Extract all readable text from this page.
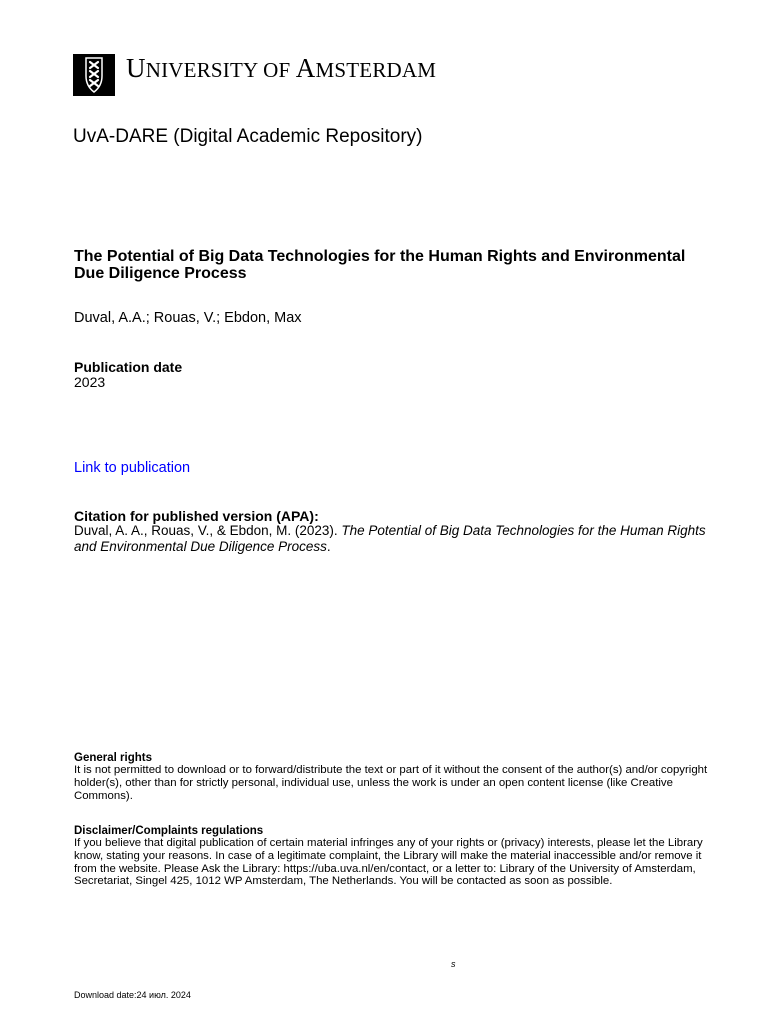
UNIVERSITY OF AMSTERDAM
UvA-DARE (Digital Academic Repository)
The Potential of Big Data Technologies for the Human Rights and Environmental Due Diligence Process
Duval, A.A.; Rouas, V.; Ebdon, Max
Publication date
2023
Link to publication
Citation for published version (APA):
Duval, A. A., Rouas, V., & Ebdon, M. (2023). The Potential of Big Data Technologies for the Human Rights and Environmental Due Diligence Process.
General rights
It is not permitted to download or to forward/distribute the text or part of it without the consent of the author(s) and/or copyright holder(s), other than for strictly personal, individual use, unless the work is under an open content license (like Creative Commons).
Disclaimer/Complaints regulations
If you believe that digital publication of certain material infringes any of your rights or (privacy) interests, please let the Library know, stating your reasons. In case of a legitimate complaint, the Library will make the material inaccessible and/or remove it from the website. Please Ask the Library: https://uba.uva.nl/en/contact, or a letter to: Library of the University of Amsterdam, Secretariat, Singel 425, 1012 WP Amsterdam, The Netherlands. You will be contacted as soon as possible.
s
Download date:24 июл. 2024
